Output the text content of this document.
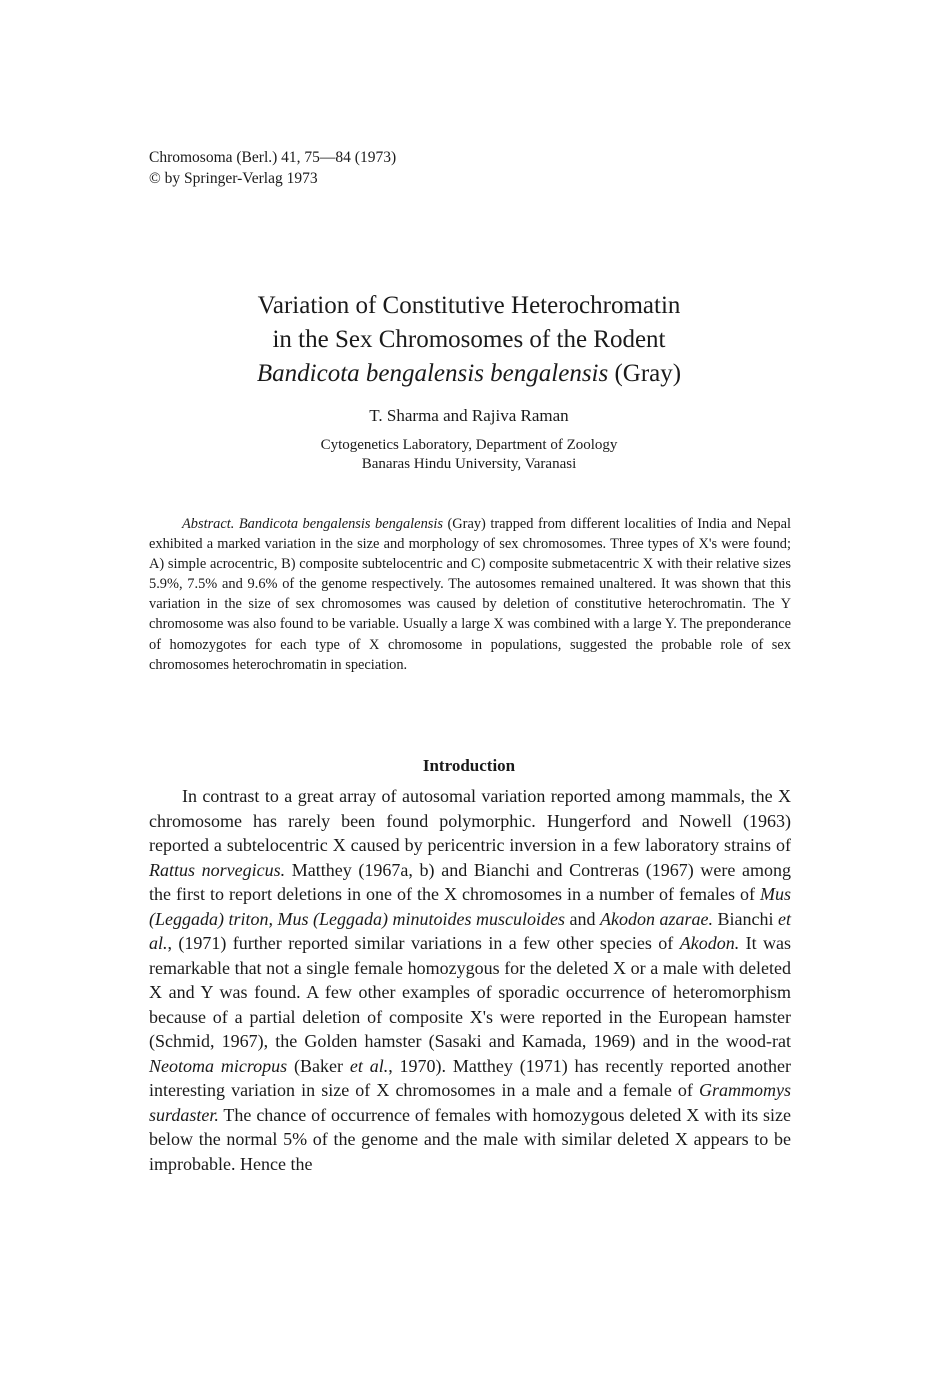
Chromosoma (Berl.) 41, 75—84 (1973)
© by Springer-Verlag 1973
Variation of Constitutive Heterochromatin
in the Sex Chromosomes of the Rodent
Bandicota bengalensis bengalensis (Gray)
T. Sharma and Rajiva Raman
Cytogenetics Laboratory, Department of Zoology
Banaras Hindu University, Varanasi
Abstract. Bandicota bengalensis bengalensis (Gray) trapped from different localities of India and Nepal exhibited a marked variation in the size and morphology of sex chromosomes. Three types of X's were found; A) simple acrocentric, B) composite subtelocentric and C) composite submetacentric X with their relative sizes 5.9%, 7.5% and 9.6% of the genome respectively. The autosomes remained unaltered. It was shown that this variation in the size of sex chromosomes was caused by deletion of constitutive heterochromatin. The Y chromosome was also found to be variable. Usually a large X was combined with a large Y. The preponderance of homozygotes for each type of X chromosome in populations, suggested the probable role of sex chromosomes heterochromatin in speciation.
Introduction
In contrast to a great array of autosomal variation reported among mammals, the X chromosome has rarely been found polymorphic. Hungerford and Nowell (1963) reported a subtelocentric X caused by pericentric inversion in a few laboratory strains of Rattus norvegicus. Matthey (1967a, b) and Bianchi and Contreras (1967) were among the first to report deletions in one of the X chromosomes in a number of females of Mus (Leggada) triton, Mus (Leggada) minutoides musculoides and Akodon azarae. Bianchi et al., (1971) further reported similar variations in a few other species of Akodon. It was remarkable that not a single female homozygous for the deleted X or a male with deleted X and Y was found. A few other examples of sporadic occurrence of heteromorphism because of a partial deletion of composite X's were reported in the European hamster (Schmid, 1967), the Golden hamster (Sasaki and Kamada, 1969) and in the wood-rat Neotoma micropus (Baker et al., 1970). Matthey (1971) has recently reported another interesting variation in size of X chromosomes in a male and a female of Grammomys surdaster. The chance of occurrence of females with homozygous deleted X with its size below the normal 5% of the genome and the male with similar deleted X appears to be improbable. Hence the
